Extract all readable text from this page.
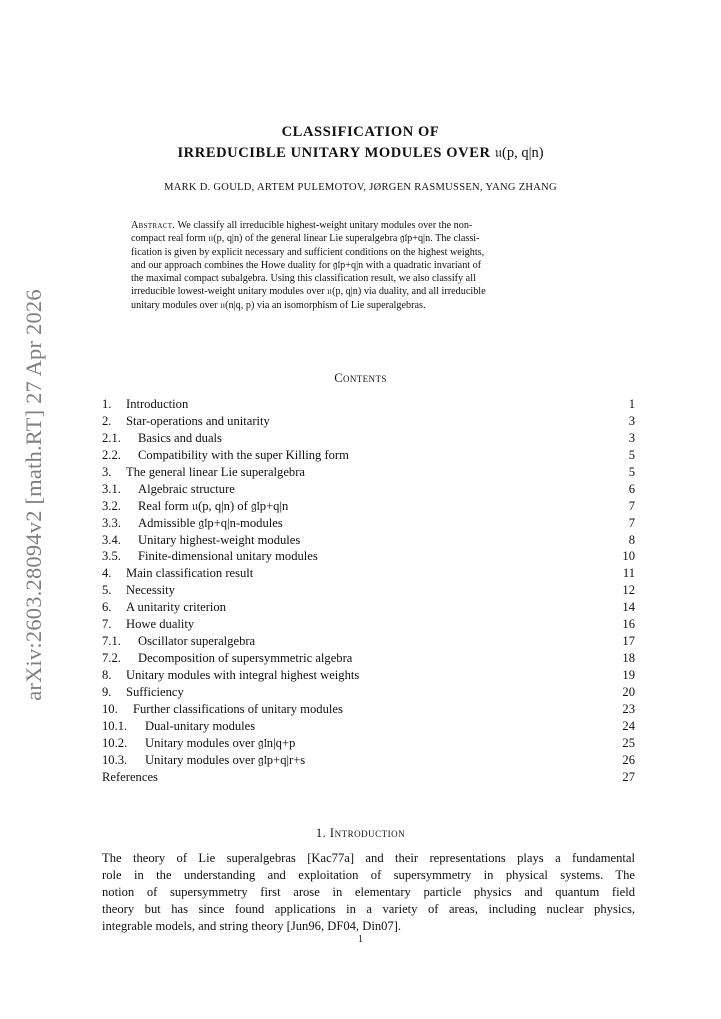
arXiv:2603.28094v2 [math.RT] 27 Apr 2026
CLASSIFICATION OF
IRREDUCIBLE UNITARY MODULES OVER 𝔲(p, q|n)
MARK D. GOULD, ARTEM PULEMOTOV, JØRGEN RASMUSSEN, YANG ZHANG
Abstract. We classify all irreducible highest-weight unitary modules over the non-
compact real form 𝔲(p, q|n) of the general linear Lie superalgebra 𝔤𝔩p+q|n. The classi-
fication is given by explicit necessary and sufficient conditions on the highest weights,
and our approach combines the Howe duality for 𝔤𝔩p+q|n with a quadratic invariant of
the maximal compact subalgebra. Using this classification result, we also classify all
irreducible lowest-weight unitary modules over 𝔲(p, q|n) via duality, and all irreducible
unitary modules over 𝔲(n|q, p) via an isomorphism of Lie superalgebras.
Contents
1. Introduction	1
2. Star-operations and unitarity	3
2.1. Basics and duals	3
2.2. Compatibility with the super Killing form	5
3. The general linear Lie superalgebra	5
3.1. Algebraic structure	6
3.2. Real form 𝔲(p, q|n) of 𝔤𝔩p+q|n	7
3.3. Admissible 𝔤𝔩p+q|n-modules	7
3.4. Unitary highest-weight modules	8
3.5. Finite-dimensional unitary modules	10
4. Main classification result	11
5. Necessity	12
6. A unitarity criterion	14
7. Howe duality	16
7.1. Oscillator superalgebra	17
7.2. Decomposition of supersymmetric algebra	18
8. Unitary modules with integral highest weights	19
9. Sufficiency	20
10. Further classifications of unitary modules	23
10.1. Dual-unitary modules	24
10.2. Unitary modules over 𝔤𝔩n|q+p	25
10.3. Unitary modules over 𝔤𝔩p+q|r+s	26
References	27
1. Introduction
The theory of Lie superalgebras [Kac77a] and their representations plays a fundamental
role in the understanding and exploitation of supersymmetry in physical systems. The
notion of supersymmetry first arose in elementary particle physics and quantum field
theory but has since found applications in a variety of areas, including nuclear physics,
integrable models, and string theory [Jun96, DF04, Din07].
1
